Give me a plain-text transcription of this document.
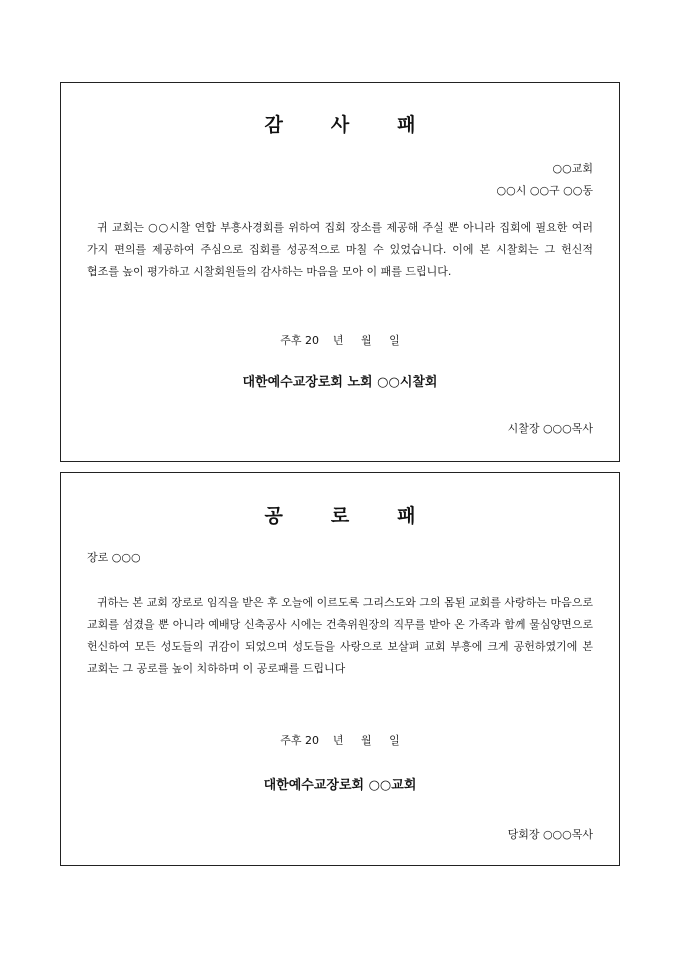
감	사	패
○○교회
○○시 ○○구 ○○동
귀 교회는 ○○시찰 연합 부흥사경회를 위하여 집회 장소를 제공해 주실 뿐 아니라 집회에 필요한 여러 가지 편의를 제공하여 주심으로 집회를 성공적으로 마칠 수 있었습니다. 이에 본 시찰회는 그 헌신적 협조를 높이 평가하고 시찰회원들의 감사하는 마음을 모아 이 패를 드립니다.
주후 20    년     월     일
대한예수교장로회 노회 ○○시찰회
시찰장 ○○○목사
공	로	패
장로 ○○○
귀하는 본 교회 장로로 임직을 받은 후 오늘에 이르도록 그리스도와 그의 몸된 교회를 사랑하는 마음으로 교회를 섬겼을 뿐 아니라 예배당 신축공사 시에는 건축위원장의 직무를 받아 온 가족과 함께 물심양면으로 헌신하여 모든 성도들의 귀감이 되었으며 성도들을 사랑으로 보살펴 교회 부흥에 크게 공헌하였기에 본 교회는 그 공로를 높이 치하하며 이 공로패를 드립니다
주후 20    년     월     일
대한예수교장로회 ○○교회
당회장 ○○○목사
